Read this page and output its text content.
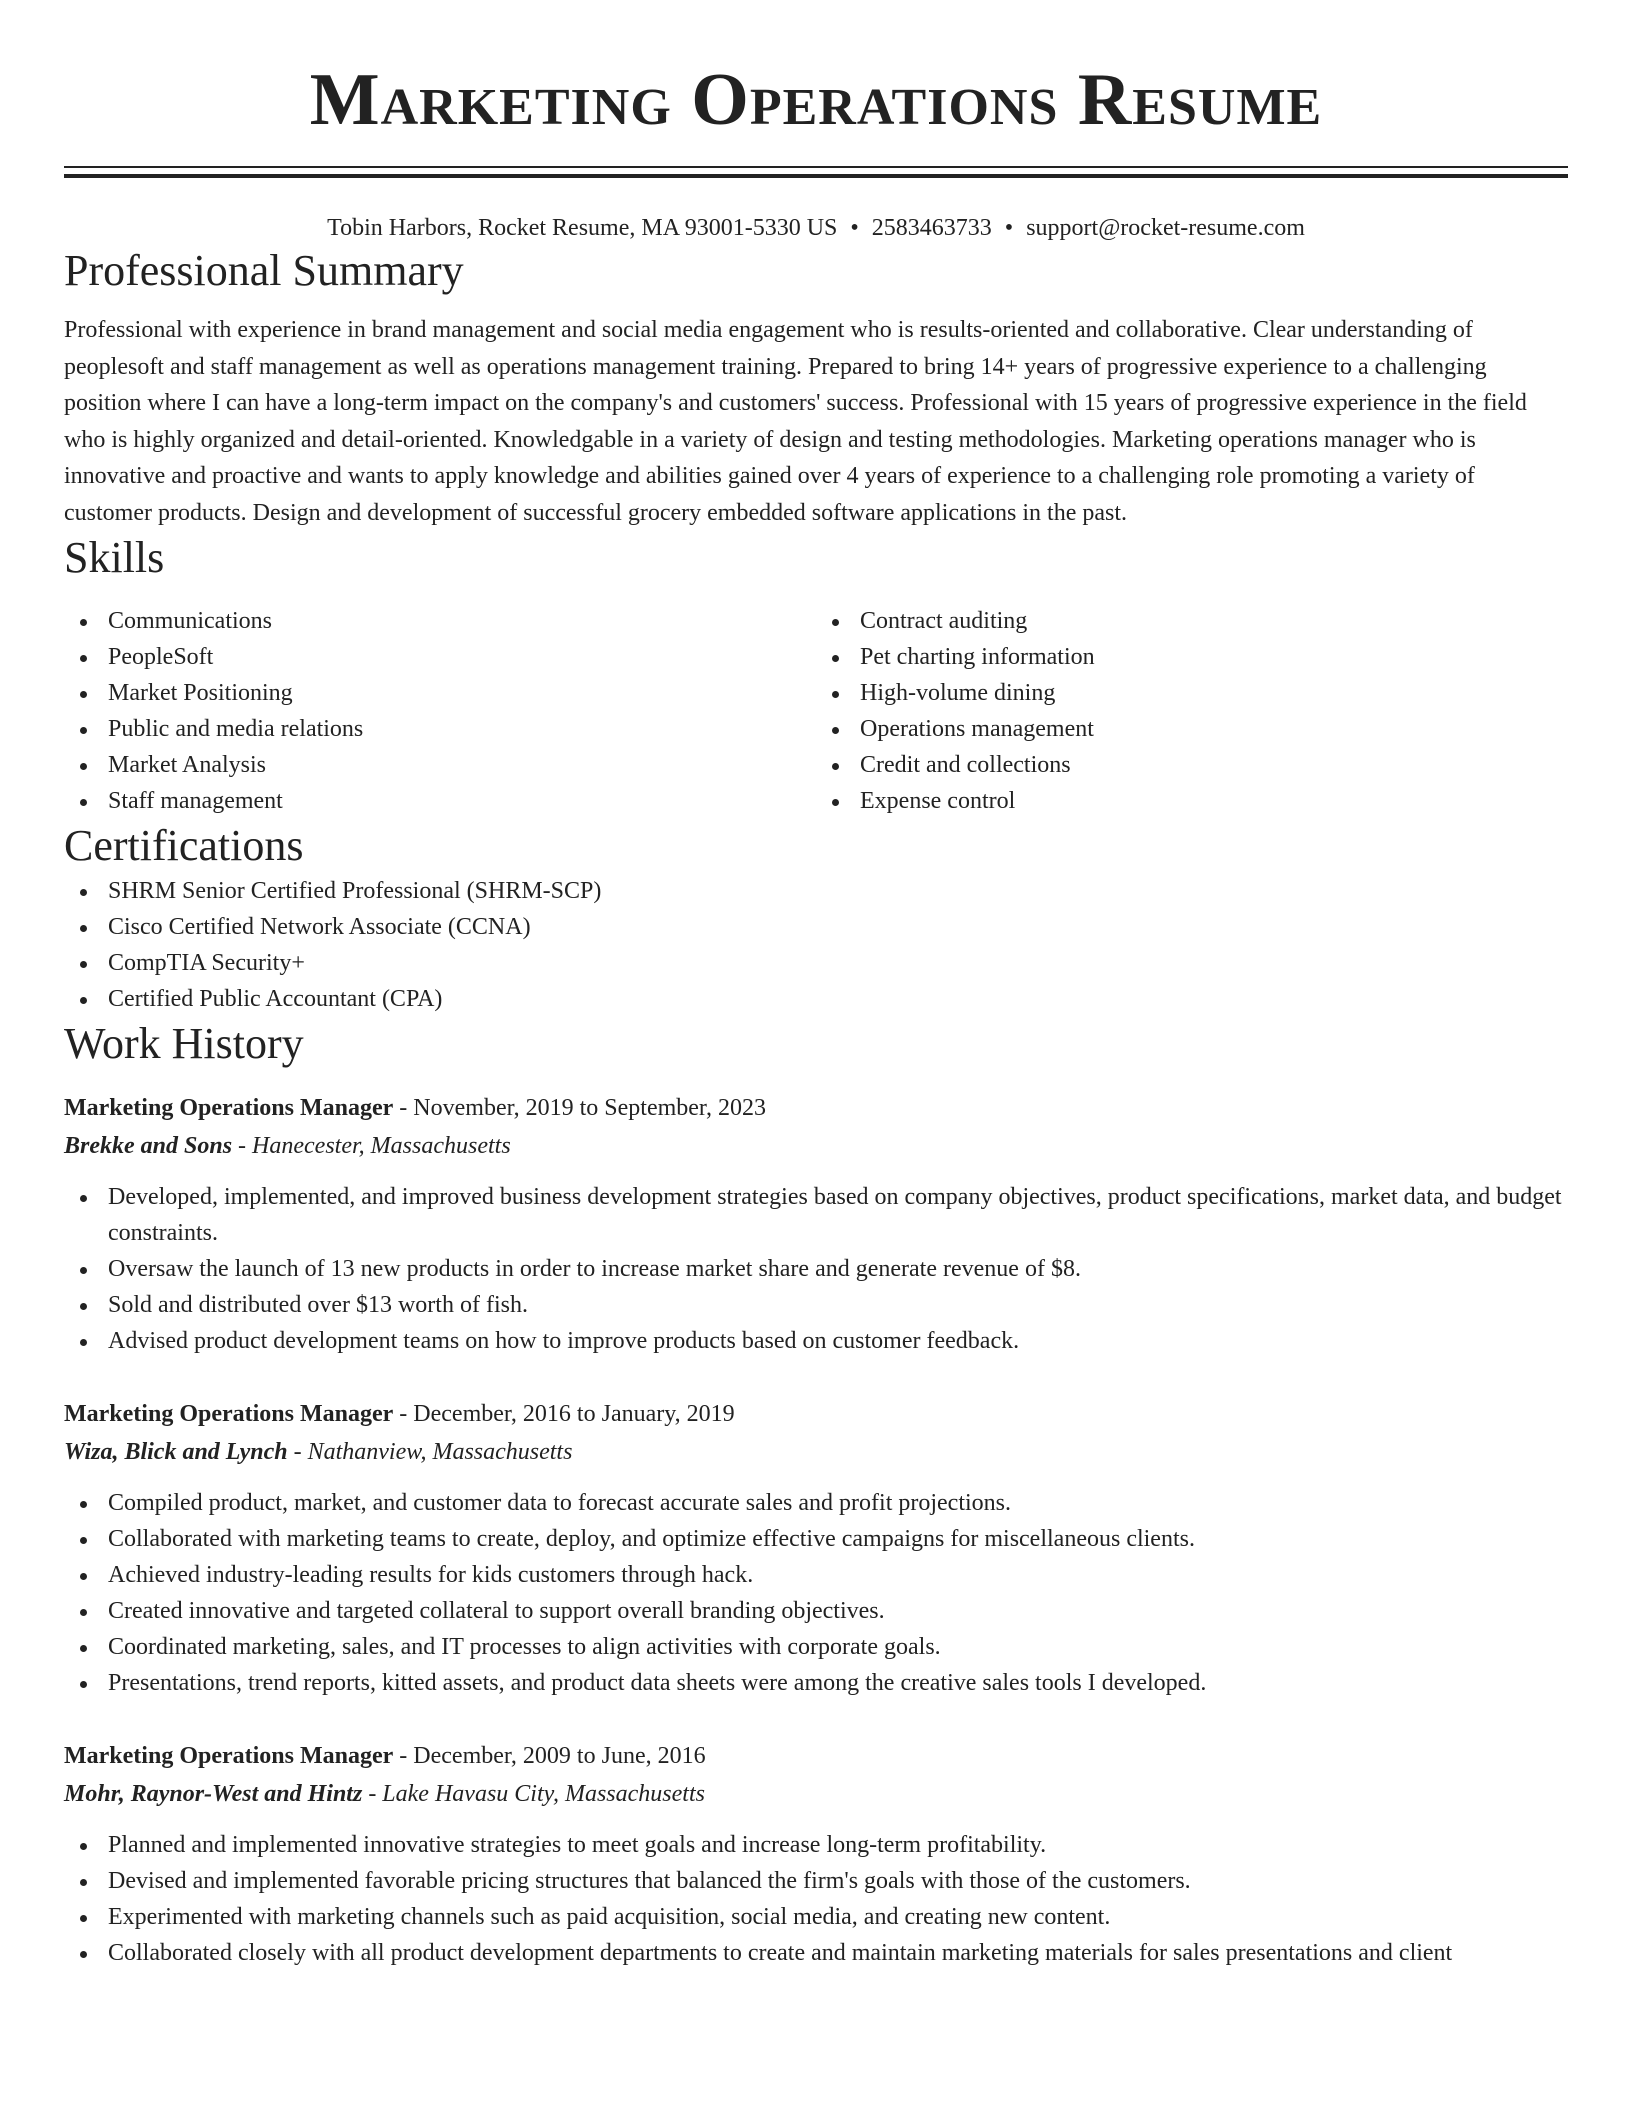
Marketing Operations Resume
Tobin Harbors, Rocket Resume, MA 93001-5330 US • 2583463733 • support@rocket-resume.com
Professional Summary

Professional with experience in brand management and social media engagement who is results-oriented and collaborative. Clear understanding of peoplesoft and staff management as well as operations management training. Prepared to bring 14+ years of progressive experience to a challenging position where I can have a long-term impact on the company's and customers' success. Professional with 15 years of progressive experience in the field who is highly organized and detail-oriented. Knowledgable in a variety of design and testing methodologies. Marketing operations manager who is innovative and proactive and wants to apply knowledge and abilities gained over 4 years of experience to a challenging role promoting a variety of customer products. Design and development of successful grocery embedded software applications in the past.

Skills
Communications
PeopleSoft
Market Positioning
Public and media relations
Market Analysis
Staff management
Contract auditing
Pet charting information
High-volume dining
Operations management
Credit and collections
Expense control
Certifications
SHRM Senior Certified Professional (SHRM-SCP)
Cisco Certified Network Associate (CCNA)
CompTIA Security+
Certified Public Accountant (CPA)
Work History
Marketing Operations Manager - November, 2019 to September, 2023
Brekke and Sons - Hanecester, Massachusetts
Developed, implemented, and improved business development strategies based on company objectives, product specifications, market data, and budget constraints.
Oversaw the launch of 13 new products in order to increase market share and generate revenue of $8.
Sold and distributed over $13 worth of fish.
Advised product development teams on how to improve products based on customer feedback.
Marketing Operations Manager - December, 2016 to January, 2019
Wiza, Blick and Lynch - Nathanview, Massachusetts
Compiled product, market, and customer data to forecast accurate sales and profit projections.
Collaborated with marketing teams to create, deploy, and optimize effective campaigns for miscellaneous clients.
Achieved industry-leading results for kids customers through hack.
Created innovative and targeted collateral to support overall branding objectives.
Coordinated marketing, sales, and IT processes to align activities with corporate goals.
Presentations, trend reports, kitted assets, and product data sheets were among the creative sales tools I developed.
Marketing Operations Manager - December, 2009 to June, 2016
Mohr, Raynor-West and Hintz - Lake Havasu City, Massachusetts
Planned and implemented innovative strategies to meet goals and increase long-term profitability.
Devised and implemented favorable pricing structures that balanced the firm's goals with those of the customers.
Experimented with marketing channels such as paid acquisition, social media, and creating new content.
Collaborated closely with all product development departments to create and maintain marketing materials for sales presentations and client
